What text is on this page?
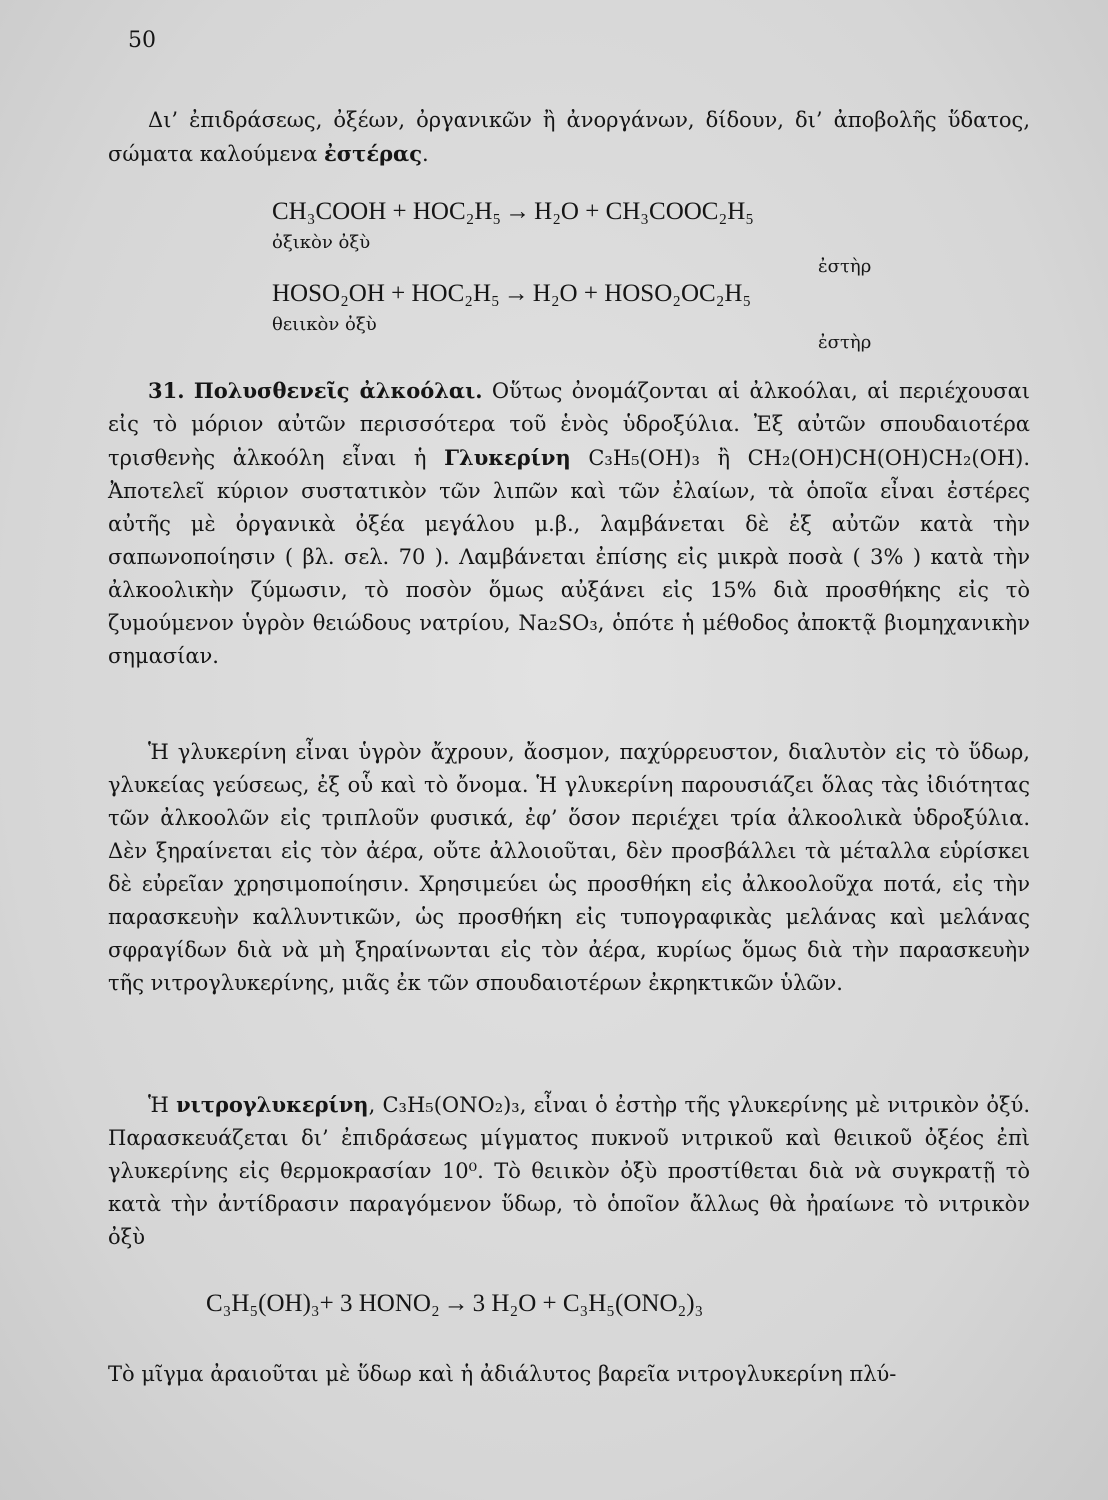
50

Δι’ ἐπιδράσεως, ὀξέων, ὀργανικῶν ἢ ἀνοργάνων, δίδουν, δι’ ἀποβολῆς ὕδατος, σώματα καλούμενα ἐστέρας.

CH₃COOH + HOC₂H₅ → H₂O + CH₃COOC₂H₅
ὀξικὸν ὀξὺ
ἐστὴρ
HOSO₂OH + HOC₂H₅ → H₂O + HOSO₂OC₂H₅
θειικὸν ὀξὺ
ἐστὴρ

31. Πολυσθενεῖς ἀλκοόλαι. Οὕτως ὀνομάζονται αἱ ἀλκοόλαι, αἱ περιέχουσαι εἰς τὸ μόριον αὐτῶν περισσότερα τοῦ ἑνὸς ὑδροξύλια. Ἐξ αὐτῶν σπουδαιοτέρα τρισθενὴς ἀλκοόλη εἶναι ἡ Γλυκερίνη C₃H₅(OH)₃ ἢ CH₂(OH)CH(OH)CH₂(OH). Ἀποτελεῖ κύριον συστατικὸν τῶν λιπῶν καὶ τῶν ἐλαίων, τὰ ὁποῖα εἶναι ἐστέρες αὐτῆς μὲ ὀργανικὰ ὀξέα μεγάλου μ.β., λαμβάνεται δὲ ἐξ αὐτῶν κατὰ τὴν σαπωνοποίησιν ( βλ. σελ. 70 ). Λαμβάνεται ἐπίσης εἰς μικρὰ ποσὰ ( 3% ) κατὰ τὴν ἀλκοολικὴν ζύμωσιν, τὸ ποσὸν ὅμως αὐξάνει εἰς 15% διὰ προσθήκης εἰς τὸ ζυμούμενον ὑγρὸν θειώδους νατρίου, Na₂SO₃, ὁπότε ἡ μέθοδος ἀποκτᾷ βιομηχανικὴν σημασίαν.

Ἡ γλυκερίνη εἶναι ὑγρὸν ἄχρουν, ἄοσμον, παχύρρευστον, διαλυτὸν εἰς τὸ ὕδωρ, γλυκείας γεύσεως, ἐξ οὗ καὶ τὸ ὄνομα. Ἡ γλυκερίνη παρουσιάζει ὅλας τὰς ἰδιότητας τῶν ἀλκοολῶν εἰς τριπλοῦν φυσικά, ἐφ’ ὅσον περιέχει τρία ἀλκοολικὰ ὑδροξύλια. Δὲν ξηραίνεται εἰς τὸν ἀέρα, οὔτε ἀλλοιοῦται, δὲν προσβάλλει τὰ μέταλλα εὑρίσκει δὲ εὐρεῖαν χρησιμοποίησιν. Χρησιμεύει ὡς προσθήκη εἰς ἀλκοολοῦχα ποτά, εἰς τὴν παρασκευὴν καλλυντικῶν, ὡς προσθήκη εἰς τυπογραφικὰς μελάνας καὶ μελάνας σφραγίδων διὰ νὰ μὴ ξηραίνωνται εἰς τὸν ἀέρα, κυρίως ὅμως διὰ τὴν παρασκευὴν τῆς νιτρογλυκερίνης, μιᾶς ἐκ τῶν σπουδαιοτέρων ἐκρηκτικῶν ὑλῶν.

Ἡ νιτρογλυκερίνη, C₃H₅(ONO₂)₃, εἶναι ὁ ἐστὴρ τῆς γλυκερίνης μὲ νιτρικὸν ὀξύ. Παρασκευάζεται δι’ ἐπιδράσεως μίγματος πυκνοῦ νιτρικοῦ καὶ θειικοῦ ὀξέος ἐπὶ γλυκερίνης εἰς θερμοκρασίαν 10⁰. Τὸ θειικὸν ὀξὺ προστίθεται διὰ νὰ συγκρατῇ τὸ κατὰ τὴν ἀντίδρασιν παραγόμενον ὕδωρ, τὸ ὁποῖον ἄλλως θὰ ἠραίωνε τὸ νιτρικὸν ὀξὺ

C₃H₅(OH)₃+ 3 HONO₂ → 3 H₂O + C₃H₅(ONO₂)₃

Τὸ μῖγμα ἀραιοῦται μὲ ὕδωρ καὶ ἡ ἀδιάλυτος βαρεῖα νιτρογλυκερίνη πλύ-
